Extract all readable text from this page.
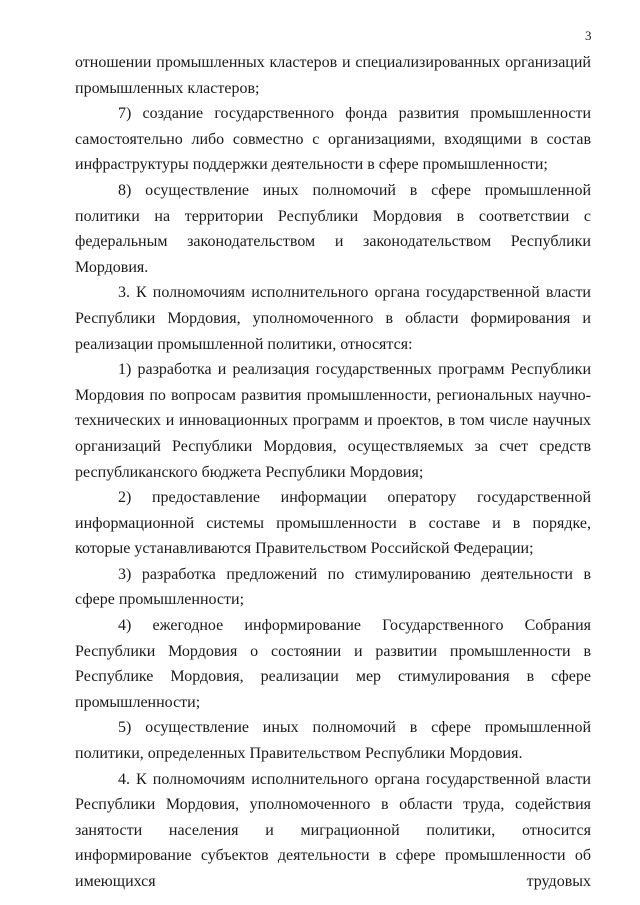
3

отношении промышленных кластеров и специализированных организаций промышленных кластеров;

7) создание государственного фонда развития промышленности самостоятельно либо совместно с организациями, входящими в состав инфраструктуры поддержки деятельности в сфере промышленности;

8) осуществление иных полномочий в сфере промышленной политики на территории Республики Мордовия в соответствии с федеральным законодательством и законодательством Республики Мордовия.

3. К полномочиям исполнительного органа государственной власти Республики Мордовия, уполномоченного в области формирования и реализации промышленной политики, относятся:

1) разработка и реализация государственных программ Республики Мордовия по вопросам развития промышленности, региональных научно-технических и инновационных программ и проектов, в том числе научных организаций Республики Мордовия, осуществляемых за счет средств республиканского бюджета Республики Мордовия;

2) предоставление информации оператору государственной информационной системы промышленности в составе и в порядке, которые устанавливаются Правительством Российской Федерации;

3) разработка предложений по стимулированию деятельности в сфере промышленности;

4) ежегодное информирование Государственного Собрания Республики Мордовия о состоянии и развитии промышленности в Республике Мордовия, реализации мер стимулирования в сфере промышленности;

5) осуществление иных полномочий в сфере промышленной политики, определенных Правительством Республики Мордовия.

4. К полномочиям исполнительного органа государственной власти Республики Мордовия, уполномоченного в области труда, содействия занятости населения и миграционной политики, относится информирование субъектов деятельности в сфере промышленности об имеющихся трудовых
